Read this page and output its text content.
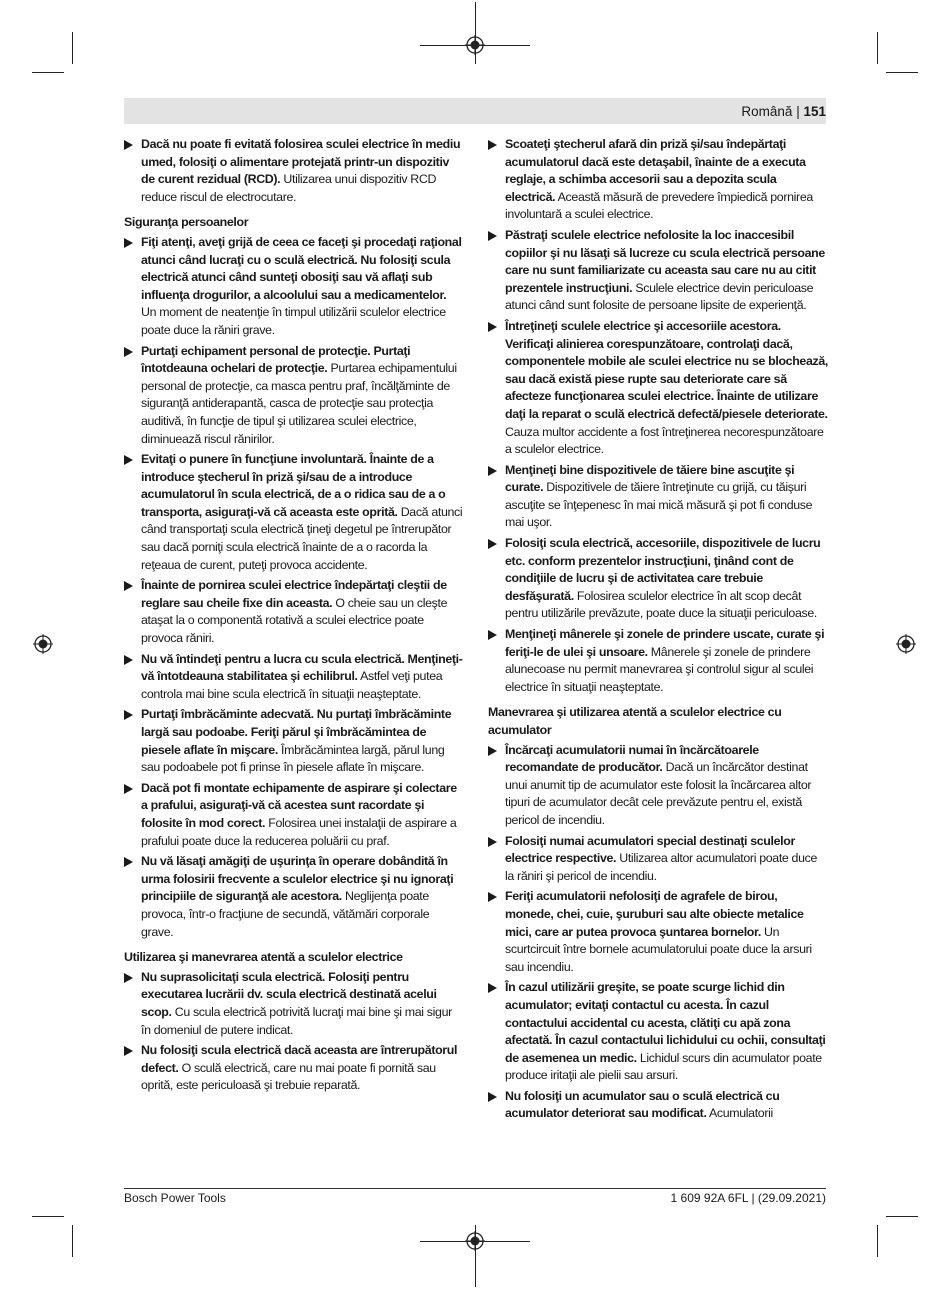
Română | 151
Dacă nu poate fi evitată folosirea sculei electrice în mediu umed, folosiţi o alimentare protejată printr-un dispozitiv de curent rezidual (RCD). Utilizarea unui dispozitiv RCD reduce riscul de electrocutare.
Siguranţa persoanelor
Fiţi atenţi, aveţi grijă de ceea ce faceţi şi procedaţi raţional atunci când lucraţi cu o sculă electrică. Nu folosiţi scula electrică atunci când sunteţi obosiţi sau vă aflaţi sub influenţa drogurilor, a alcoolului sau a medicamentelor. Un moment de neatenţie în timpul utilizării sculelor electrice poate duce la răniri grave.
Purtaţi echipament personal de protecţie. Purtaţi întotdeauna ochelari de protecţie. Purtarea echipamentului personal de protecţie, ca masca pentru praf, încălţăminte de siguranţă antiderapantă, casca de protecţie sau protecţia auditivă, în funcţie de tipul şi utilizarea sculei electrice, diminuează riscul rănirilor.
Evitaţi o punere în funcţiune involuntară. Înainte de a introduce ştecherul în priză şi/sau de a introduce acumulatorul în scula electrică, de a o ridica sau de a o transporta, asiguraţi-vă că aceasta este oprită. Dacă atunci când transportaţi scula electrică ţineţi degetul pe întrerupător sau dacă porniţi scula electrică înainte de a o racorda la reţeaua de curent, puteţi provoca accidente.
Înainte de pornirea sculei electrice îndepărtaţi cleştii de reglare sau cheile fixe din aceasta. O cheie sau un cleşte ataşat la o componentă rotativă a sculei electrice poate provoca răniri.
Nu vă întindeţi pentru a lucra cu scula electrică. Menţineţi-vă întotdeauna stabilitatea şi echilibrul. Astfel veţi putea controla mai bine scula electrică în situaţii neaşteptate.
Purtaţi îmbrăcăminte adecvată. Nu purtaţi îmbrăcăminte largă sau podoabe. Feriţi părul şi îmbrăcămintea de piesele aflate în mişcare. Îmbrăcămintea largă, părul lung sau podoabele pot fi prinse în piesele aflate în mişcare.
Dacă pot fi montate echipamente de aspirare şi colectare a prafului, asiguraţi-vă că acestea sunt racordate şi folosite în mod corect. Folosirea unei instalaţii de aspirare a prafului poate duce la reducerea poluării cu praf.
Nu vă lăsaţi amăgiţi de uşurinţa în operare dobândită în urma folosirii frecvente a sculelor electrice şi nu ignoraţi principiile de siguranţă ale acestora. Neglijenţa poate provoca, într-o fracţiune de secundă, vătămări corporale grave.
Utilizarea şi manevrarea atentă a sculelor electrice
Nu suprasolicitaţi scula electrică. Folosiţi pentru executarea lucrării dv. scula electrică destinată acelui scop. Cu scula electrică potrivită lucraţi mai bine şi mai sigur în domeniul de putere indicat.
Nu folosiţi scula electrică dacă aceasta are întrerupătorul defect. O sculă electrică, care nu mai poate fi pornită sau oprită, este periculoasă şi trebuie reparată.
Scoateţi ştecherul afară din priză şi/sau îndepărtaţi acumulatorul dacă este detaşabil, înainte de a executa reglaje, a schimba accesorii sau a depozita scula electrică. Această măsură de prevedere împiedică pornirea involuntară a sculei electrice.
Păstraţi sculele electrice nefolosite la loc inaccesibil copiilor şi nu lăsaţi să lucreze cu scula electrică persoane care nu sunt familiarizate cu aceasta sau care nu au citit prezentele instrucţiuni. Sculele electrice devin periculoase atunci când sunt folosite de persoane lipsite de experienţă.
Întreţineţi sculele electrice şi accesoriile acestora. Verificaţi alinierea corespunzătoare, controlaţi dacă, componentele mobile ale sculei electrice nu se blochează, sau dacă există piese rupte sau deteriorate care să afecteze funcţionarea sculei electrice. Înainte de utilizare daţi la reparat o sculă electrică defectă/piesele deteriorate. Cauza multor accidente a fost întreţinerea necorespunzătoare a sculelor electrice.
Menţineţi bine dispozitivele de tăiere bine ascuţite şi curate. Dispozitivele de tăiere întreţinute cu grijă, cu tăişuri ascuţite se înţepenesc în mai mică măsură şi pot fi conduse mai uşor.
Folosiţi scula electrică, accesoriile, dispozitivele de lucru etc. conform prezentelor instrucţiuni, ţinând cont de condiţiile de lucru şi de activitatea care trebuie desfăşurată. Folosirea sculelor electrice în alt scop decât pentru utilizările prevăzute, poate duce la situaţii periculoase.
Menţineţi mânerele şi zonele de prindere uscate, curate şi feriţi-le de ulei şi unsoare. Mânerele şi zonele de prindere alunecoase nu permit manevrarea şi controlul sigur al sculei electrice în situaţii neaşteptate.
Manevrarea şi utilizarea atentă a sculelor electrice cu acumulator
Încărcaţi acumulatorii numai în încărcătoarele recomandate de producător. Dacă un încărcător destinat unui anumit tip de acumulator este folosit la încărcarea altor tipuri de acumulator decât cele prevăzute pentru el, există pericol de incendiu.
Folosiţi numai acumulatori special destinaţi sculelor electrice respective. Utilizarea altor acumulatori poate duce la răniri şi pericol de incendiu.
Feriţi acumulatorii nefolosiţi de agrafele de birou, monede, chei, cuie, şuruburi sau alte obiecte metalice mici, care ar putea provoca şuntarea bornelor. Un scurtcircuit între bornele acumulatorului poate duce la arsuri sau incendiu.
În cazul utilizării greşite, se poate scurge lichid din acumulator; evitaţi contactul cu acesta. În cazul contactului accidental cu acesta, clătiţi cu apă zona afectată. În cazul contactului lichidului cu ochii, consultaţi de asemenea un medic. Lichidul scurs din acumulator poate produce iritaţii ale pielii sau arsuri.
Nu folosiţi un acumulator sau o sculă electrică cu acumulator deteriorat sau modificat. Acumulatorii
Bosch Power Tools	1 609 92A 6FL | (29.09.2021)
